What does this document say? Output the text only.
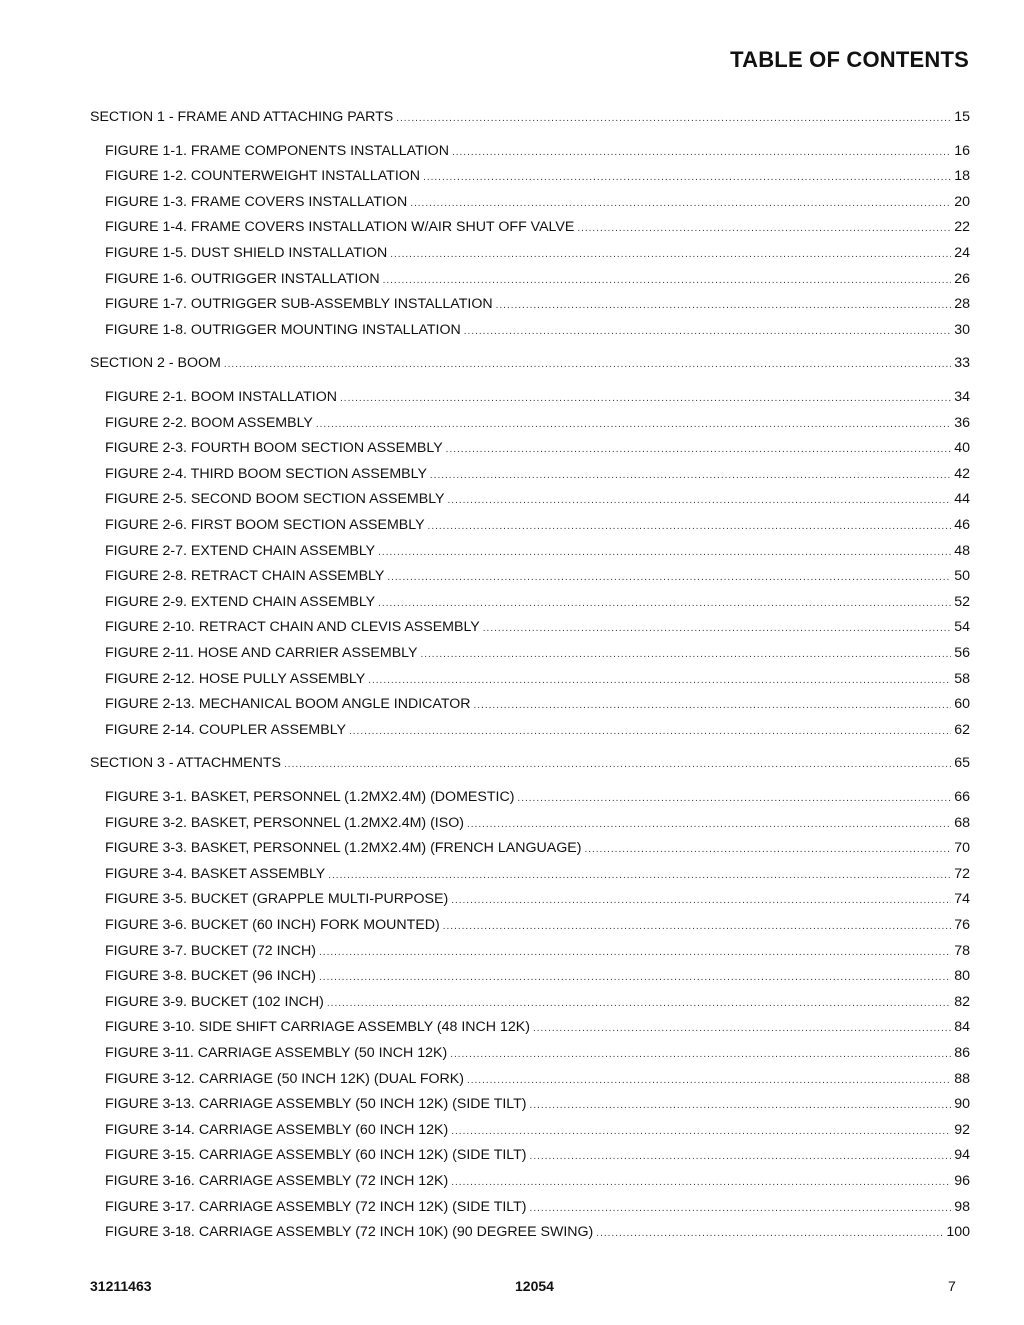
TABLE OF CONTENTS
SECTION 1 - FRAME AND ATTACHING PARTS .....	15
FIGURE 1-1. FRAME COMPONENTS INSTALLATION .....	16
FIGURE 1-2. COUNTERWEIGHT INSTALLATION .....	18
FIGURE 1-3. FRAME COVERS INSTALLATION .....	20
FIGURE 1-4. FRAME COVERS INSTALLATION W/AIR SHUT OFF VALVE .....	22
FIGURE 1-5. DUST SHIELD INSTALLATION .....	24
FIGURE 1-6. OUTRIGGER INSTALLATION .....	26
FIGURE 1-7. OUTRIGGER SUB-ASSEMBLY INSTALLATION .....	28
FIGURE 1-8. OUTRIGGER MOUNTING INSTALLATION .....	30
SECTION 2 - BOOM .....	33
FIGURE 2-1. BOOM INSTALLATION .....	34
FIGURE 2-2. BOOM ASSEMBLY .....	36
FIGURE 2-3. FOURTH BOOM SECTION ASSEMBLY .....	40
FIGURE 2-4. THIRD BOOM SECTION ASSEMBLY .....	42
FIGURE 2-5. SECOND BOOM SECTION ASSEMBLY .....	44
FIGURE 2-6. FIRST BOOM SECTION ASSEMBLY .....	46
FIGURE 2-7. EXTEND CHAIN ASSEMBLY .....	48
FIGURE 2-8. RETRACT CHAIN ASSEMBLY .....	50
FIGURE 2-9. EXTEND CHAIN ASSEMBLY .....	52
FIGURE 2-10. RETRACT CHAIN AND CLEVIS ASSEMBLY .....	54
FIGURE 2-11. HOSE AND CARRIER ASSEMBLY .....	56
FIGURE 2-12. HOSE PULLY ASSEMBLY .....	58
FIGURE 2-13. MECHANICAL BOOM ANGLE INDICATOR .....	60
FIGURE 2-14. COUPLER ASSEMBLY .....	62
SECTION 3 - ATTACHMENTS .....	65
FIGURE 3-1. BASKET, PERSONNEL (1.2MX2.4M) (DOMESTIC) .....	66
FIGURE 3-2. BASKET, PERSONNEL (1.2MX2.4M) (ISO) .....	68
FIGURE 3-3. BASKET, PERSONNEL (1.2MX2.4M) (FRENCH LANGUAGE) .....	70
FIGURE 3-4. BASKET ASSEMBLY .....	72
FIGURE 3-5. BUCKET (GRAPPLE MULTI-PURPOSE) .....	74
FIGURE 3-6. BUCKET (60 INCH) FORK MOUNTED) .....	76
FIGURE 3-7. BUCKET (72 INCH) .....	78
FIGURE 3-8. BUCKET (96 INCH) .....	80
FIGURE 3-9. BUCKET (102 INCH) .....	82
FIGURE 3-10. SIDE SHIFT CARRIAGE ASSEMBLY (48 INCH 12K) .....	84
FIGURE 3-11. CARRIAGE ASSEMBLY (50 INCH 12K) .....	86
FIGURE 3-12. CARRIAGE (50 INCH 12K) (DUAL FORK) .....	88
FIGURE 3-13. CARRIAGE ASSEMBLY (50 INCH 12K) (SIDE TILT) .....	90
FIGURE 3-14. CARRIAGE ASSEMBLY (60 INCH 12K) .....	92
FIGURE 3-15. CARRIAGE ASSEMBLY (60 INCH 12K) (SIDE TILT) .....	94
FIGURE 3-16. CARRIAGE ASSEMBLY (72 INCH 12K) .....	96
FIGURE 3-17. CARRIAGE ASSEMBLY (72 INCH 12K) (SIDE TILT) .....	98
FIGURE 3-18. CARRIAGE ASSEMBLY (72 INCH 10K) (90 DEGREE SWING) .....	100
31211463	12054	7
